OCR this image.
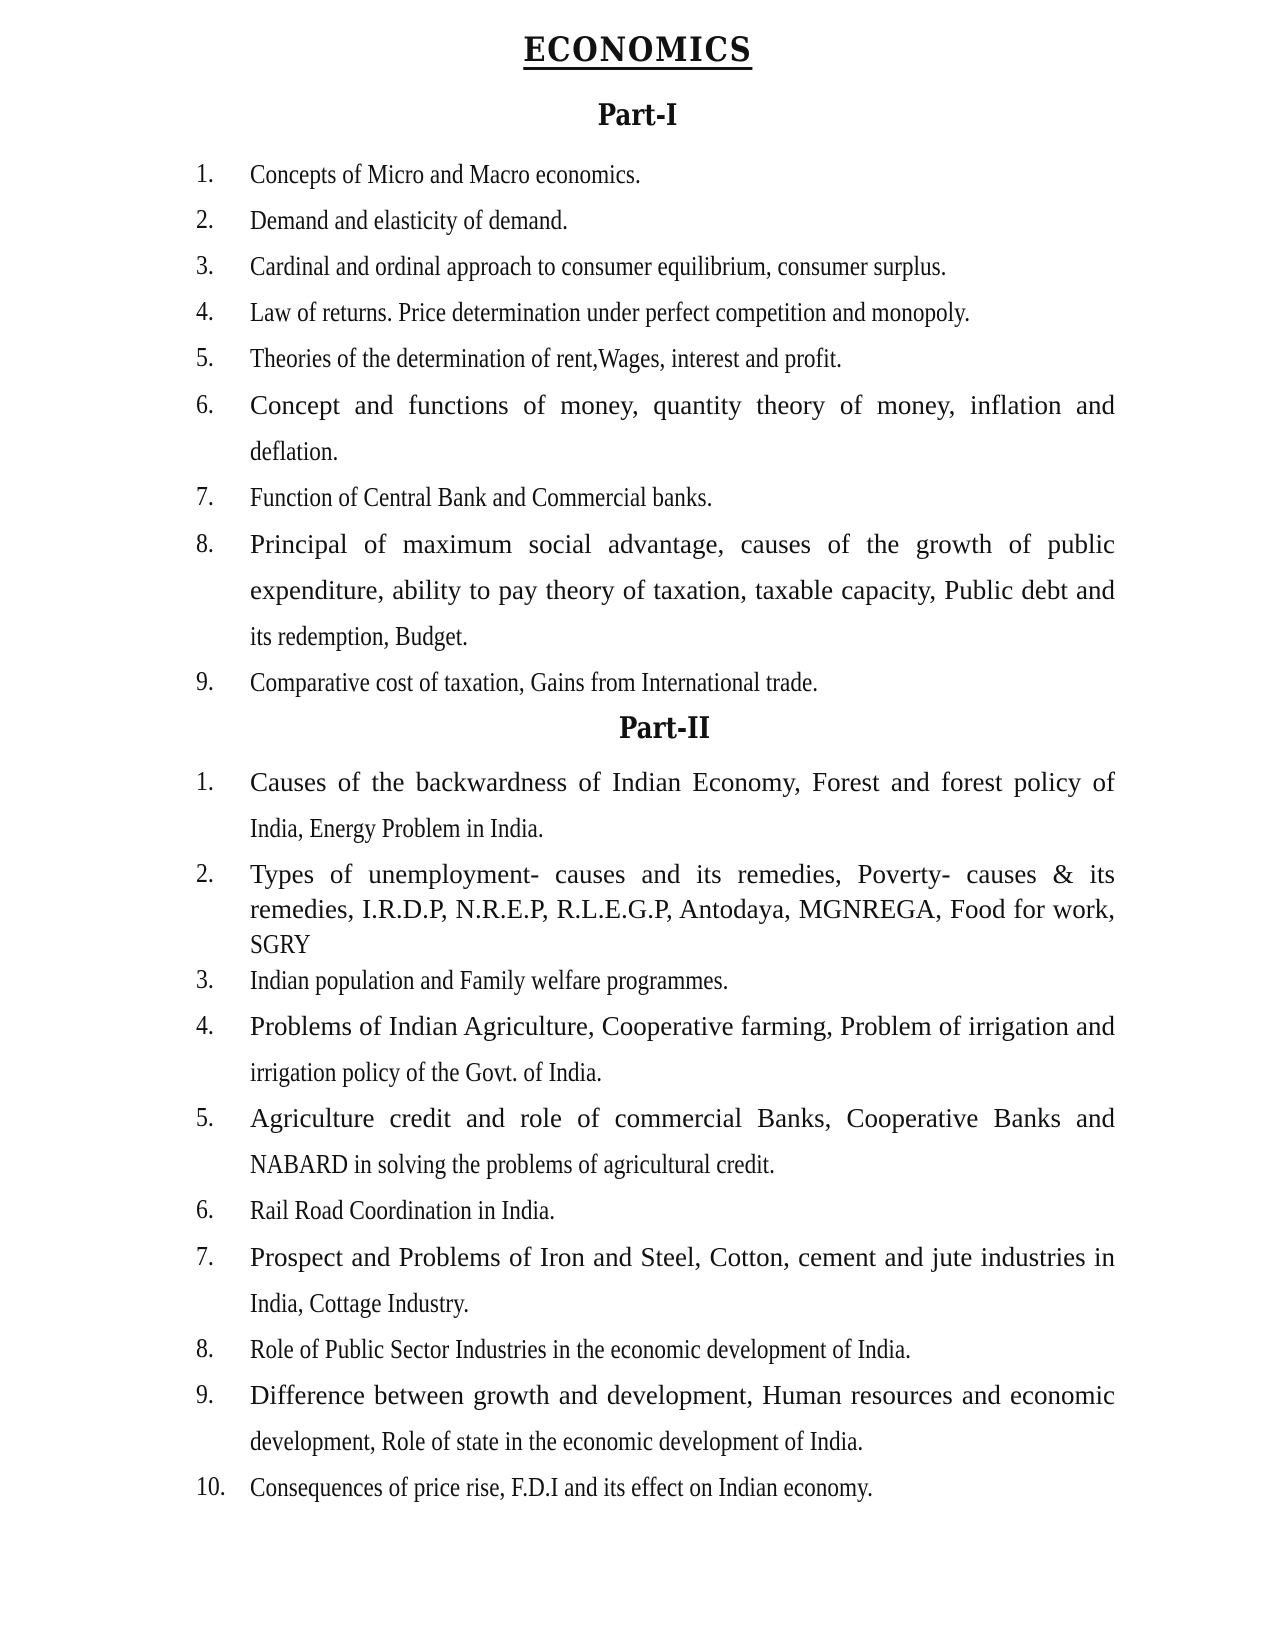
ECONOMICS
Part-I
1. Concepts of Micro and Macro economics.
2. Demand and elasticity of demand.
3. Cardinal and ordinal approach to consumer equilibrium, consumer surplus.
4. Law of returns. Price determination under perfect competition and monopoly.
5. Theories of the determination of rent,Wages, interest and profit.
6. Concept and functions of money, quantity theory of money, inflation and
deflation.
7. Function of Central Bank and Commercial banks.
8. Principal of maximum social advantage, causes of the growth of public
expenditure, ability to pay theory of taxation, taxable capacity, Public debt and
its redemption, Budget.
9. Comparative cost of taxation, Gains from International trade.
Part-II
1. Causes of the backwardness of Indian Economy, Forest and forest policy of
India, Energy Problem in India.
2. Types of unemployment- causes and its remedies, Poverty- causes & its
remedies, I.R.D.P, N.R.E.P, R.L.E.G.P, Antodaya, MGNREGA, Food for work,
SGRY
3. Indian population and Family welfare programmes.
4. Problems of Indian Agriculture, Cooperative farming, Problem of irrigation and
irrigation policy of the Govt. of India.
5. Agriculture credit and role of commercial Banks, Cooperative Banks and
NABARD in solving the problems of agricultural credit.
6. Rail Road Coordination in India.
7. Prospect and Problems of Iron and Steel, Cotton, cement and jute industries in
India, Cottage Industry.
8. Role of Public Sector Industries in the economic development of India.
9. Difference between growth and development, Human resources and economic
development, Role of state in the economic development of India.
10. Consequences of price rise, F.D.I and its effect on Indian economy.
